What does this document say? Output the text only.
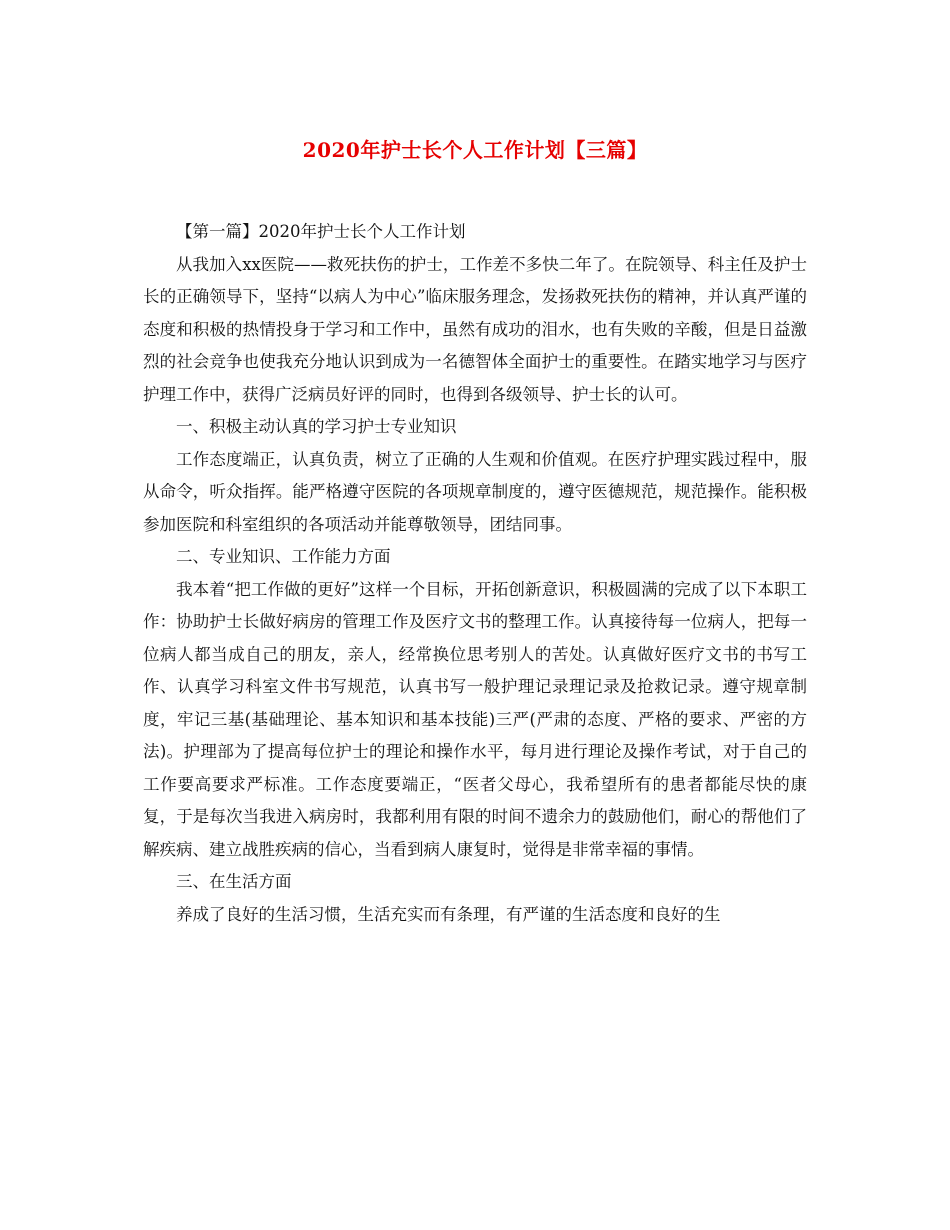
2020年护士长个人工作计划【三篇】

【第一篇】2020年护士长个人工作计划

从我加入xx医院——救死扶伤的护士，工作差不多快二年了。在院领导、科主任及护士长的正确领导下，坚持“以病人为中心”临床服务理念，发扬救死扶伤的精神，并认真严谨的态度和积极的热情投身于学习和工作中，虽然有成功的泪水，也有失败的辛酸，但是日益激烈的社会竞争也使我充分地认识到成为一名德智体全面护士的重要性。在踏实地学习与医疗护理工作中，获得广泛病员好评的同时，也得到各级领导、护士长的认可。

一、积极主动认真的学习护士专业知识

工作态度端正，认真负责，树立了正确的人生观和价值观。在医疗护理实践过程中，服从命令，听众指挥。能严格遵守医院的各项规章制度的，遵守医德规范，规范操作。能积极参加医院和科室组织的各项活动并能尊敬领导，团结同事。

二、专业知识、工作能力方面

我本着“把工作做的更好”这样一个目标，开拓创新意识，积极圆满的完成了以下本职工作：协助护士长做好病房的管理工作及医疗文书的整理工作。认真接待每一位病人，把每一位病人都当成自己的朋友，亲人，经常换位思考别人的苦处。认真做好医疗文书的书写工作、认真学习科室文件书写规范，认真书写一般护理记录理记录及抢救记录。遵守规章制度，牢记三基(基础理论、基本知识和基本技能)三严(严肃的态度、严格的要求、严密的方法)。护理部为了提高每位护士的理论和操作水平，每月进行理论及操作考试，对于自己的工作要高要求严标准。工作态度要端正，“医者父母心，我希望所有的患者都能尽快的康复，于是每次当我进入病房时，我都利用有限的时间不遗余力的鼓励他们，耐心的帮他们了解疾病、建立战胜疾病的信心，当看到病人康复时，觉得是非常幸福的事情。

三、在生活方面

养成了良好的生活习惯，生活充实而有条理，有严谨的生活态度和良好的生
